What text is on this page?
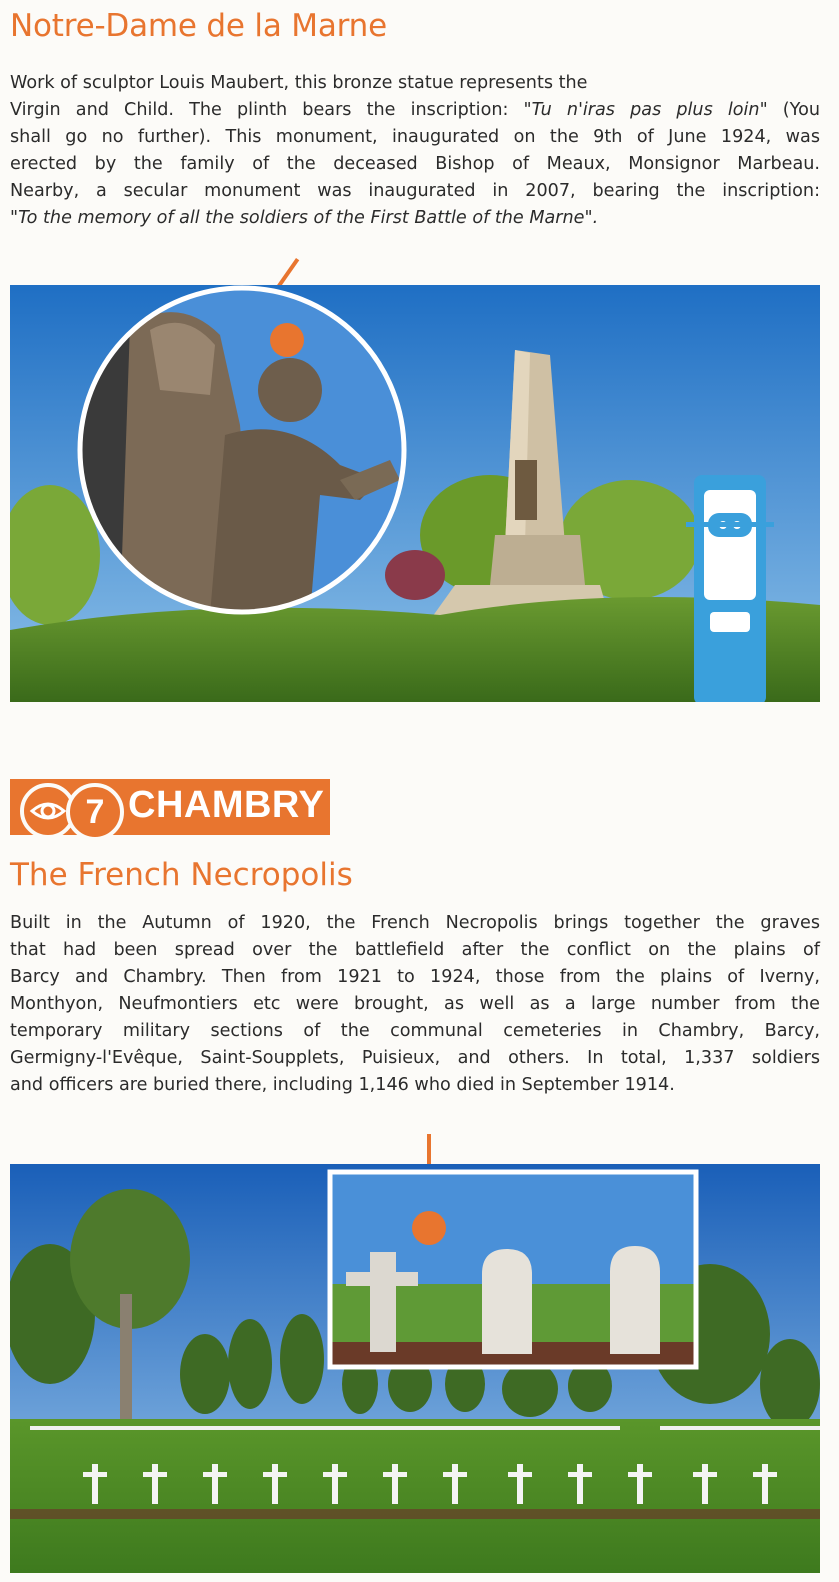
Notre-Dame de la Marne
Work of sculptor Louis Maubert, this bronze statue represents the
Virgin and Child. The plinth bears the inscription: "Tu n'iras pas plus loin" (You
shall go no further). This monument, inaugurated on the 9th of June 1924, was
erected by the family of the deceased Bishop of Meaux, Monsignor Marbeau.
Nearby, a secular monument was inaugurated in 2007, bearing the inscription:
"To the memory of all the soldiers of the First Battle of the Marne".
7 CHAMBRY
The French Necropolis
Built in the Autumn of 1920, the French Necropolis brings together the graves
that had been spread over the battlefield after the conflict on the plains of
Barcy and Chambry. Then from 1921 to 1924, those from the plains of Iverny,
Monthyon, Neufmontiers etc were brought, as well as a large number from the
temporary military sections of the communal cemeteries in Chambry, Barcy,
Germigny-l'Evêque, Saint-Soupplets, Puisieux, and others. In total, 1,337 soldiers
and officers are buried there, including 1,146 who died in September 1914.
